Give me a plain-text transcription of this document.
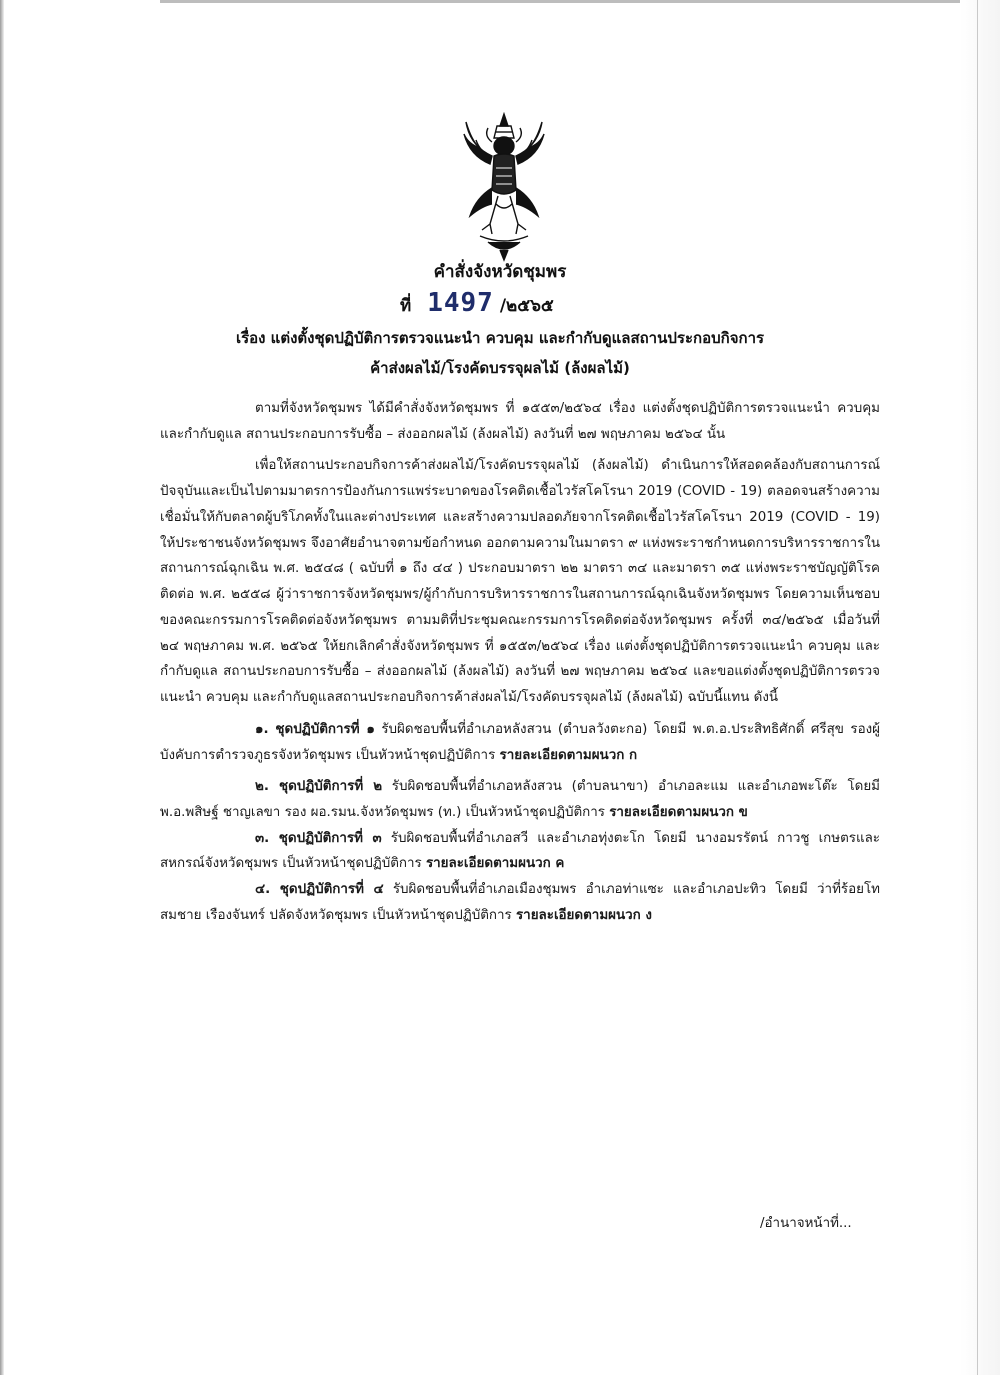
คำสั่งจังหวัดชุมพร
ที่ 1497 /๒๕๖๕
เรื่อง แต่งตั้งชุดปฏิบัติการตรวจแนะนำ ควบคุม และกำกับดูแลสถานประกอบกิจการ
ค้าส่งผลไม้/โรงคัดบรรจุผลไม้ (ล้งผลไม้)

ตามที่จังหวัดชุมพร ได้มีคำสั่งจังหวัดชุมพร ที่ ๑๕๕๓/๒๕๖๔ เรื่อง แต่งตั้งชุดปฏิบัติการตรวจแนะนำ ควบคุม และกำกับดูแล สถานประกอบการรับซื้อ – ส่งออกผลไม้ (ล้งผลไม้) ลงวันที่ ๒๗ พฤษภาคม ๒๕๖๔ นั้น

เพื่อให้สถานประกอบกิจการค้าส่งผลไม้/โรงคัดบรรจุผลไม้ (ล้งผลไม้) ดำเนินการให้สอดคล้องกับสถานการณ์ปัจจุบันและเป็นไปตามมาตรการป้องกันการแพร่ระบาดของโรคติดเชื้อไวรัสโคโรนา 2019 (COVID - 19) ตลอดจนสร้างความเชื่อมั่นให้กับตลาดผู้บริโภคทั้งในและต่างประเทศ และสร้างความปลอดภัยจากโรคติดเชื้อไวรัสโคโรนา 2019 (COVID - 19) ให้ประชาชนจังหวัดชุมพร จึงอาศัยอำนาจตามข้อกำหนด ออกตามความในมาตรา ๙ แห่งพระราชกำหนดการบริหารราชการในสถานการณ์ฉุกเฉิน พ.ศ. ๒๕๔๘ ( ฉบับที่ ๑ ถึง ๔๔ ) ประกอบมาตรา ๒๒ มาตรา ๓๔ และมาตรา ๓๕ แห่งพระราชบัญญัติโรคติดต่อ พ.ศ. ๒๕๕๘ ผู้ว่าราชการจังหวัดชุมพร/ผู้กำกับการบริหารราชการในสถานการณ์ฉุกเฉินจังหวัดชุมพร โดยความเห็นชอบของคณะกรรมการโรคติดต่อจังหวัดชุมพร ตามมติที่ประชุมคณะกรรมการโรคติดต่อจังหวัดชุมพร ครั้งที่ ๓๔/๒๕๖๕ เมื่อวันที่ ๒๔ พฤษภาคม พ.ศ. ๒๕๖๕ ให้ยกเลิกคำสั่งจังหวัดชุมพร ที่ ๑๕๕๓/๒๕๖๔ เรื่อง แต่งตั้งชุดปฏิบัติการตรวจแนะนำ ควบคุม และกำกับดูแล สถานประกอบการรับซื้อ – ส่งออกผลไม้ (ล้งผลไม้) ลงวันที่ ๒๗ พฤษภาคม ๒๕๖๔ และขอแต่งตั้งชุดปฏิบัติการตรวจแนะนำ ควบคุม และกำกับดูแลสถานประกอบกิจการค้าส่งผลไม้/โรงคัดบรรจุผลไม้ (ล้งผลไม้) ฉบับนี้แทน ดังนี้

๑. ชุดปฏิบัติการที่ ๑ รับผิดชอบพื้นที่อำเภอหลังสวน (ตำบลวังตะกอ) โดยมี พ.ต.อ.ประสิทธิศักดิ์ ศรีสุข รองผู้บังคับการตำรวจภูธรจังหวัดชุมพร เป็นหัวหน้าชุดปฏิบัติการ รายละเอียดตามผนวก ก

๒. ชุดปฏิบัติการที่ ๒ รับผิดชอบพื้นที่อำเภอหลังสวน (ตำบลนาขา) อำเภอละแม และอำเภอพะโต๊ะ โดยมี พ.อ.พสิษฐ์ ชาญเลขา รอง ผอ.รมน.จังหวัดชุมพร (ท.) เป็นหัวหน้าชุดปฏิบัติการ รายละเอียดตามผนวก ข

๓. ชุดปฏิบัติการที่ ๓ รับผิดชอบพื้นที่อำเภอสวี และอำเภอทุ่งตะโก โดยมี นางอมรรัตน์ กาวชู เกษตรและสหกรณ์จังหวัดชุมพร เป็นหัวหน้าชุดปฏิบัติการ รายละเอียดตามผนวก ค

๔. ชุดปฏิบัติการที่ ๔ รับผิดชอบพื้นที่อำเภอเมืองชุมพร อำเภอท่าแซะ และอำเภอปะทิว โดยมี ว่าที่ร้อยโท สมชาย เรืองจันทร์ ปลัดจังหวัดชุมพร เป็นหัวหน้าชุดปฏิบัติการ รายละเอียดตามผนวก ง

/อำนาจหน้าที่...
